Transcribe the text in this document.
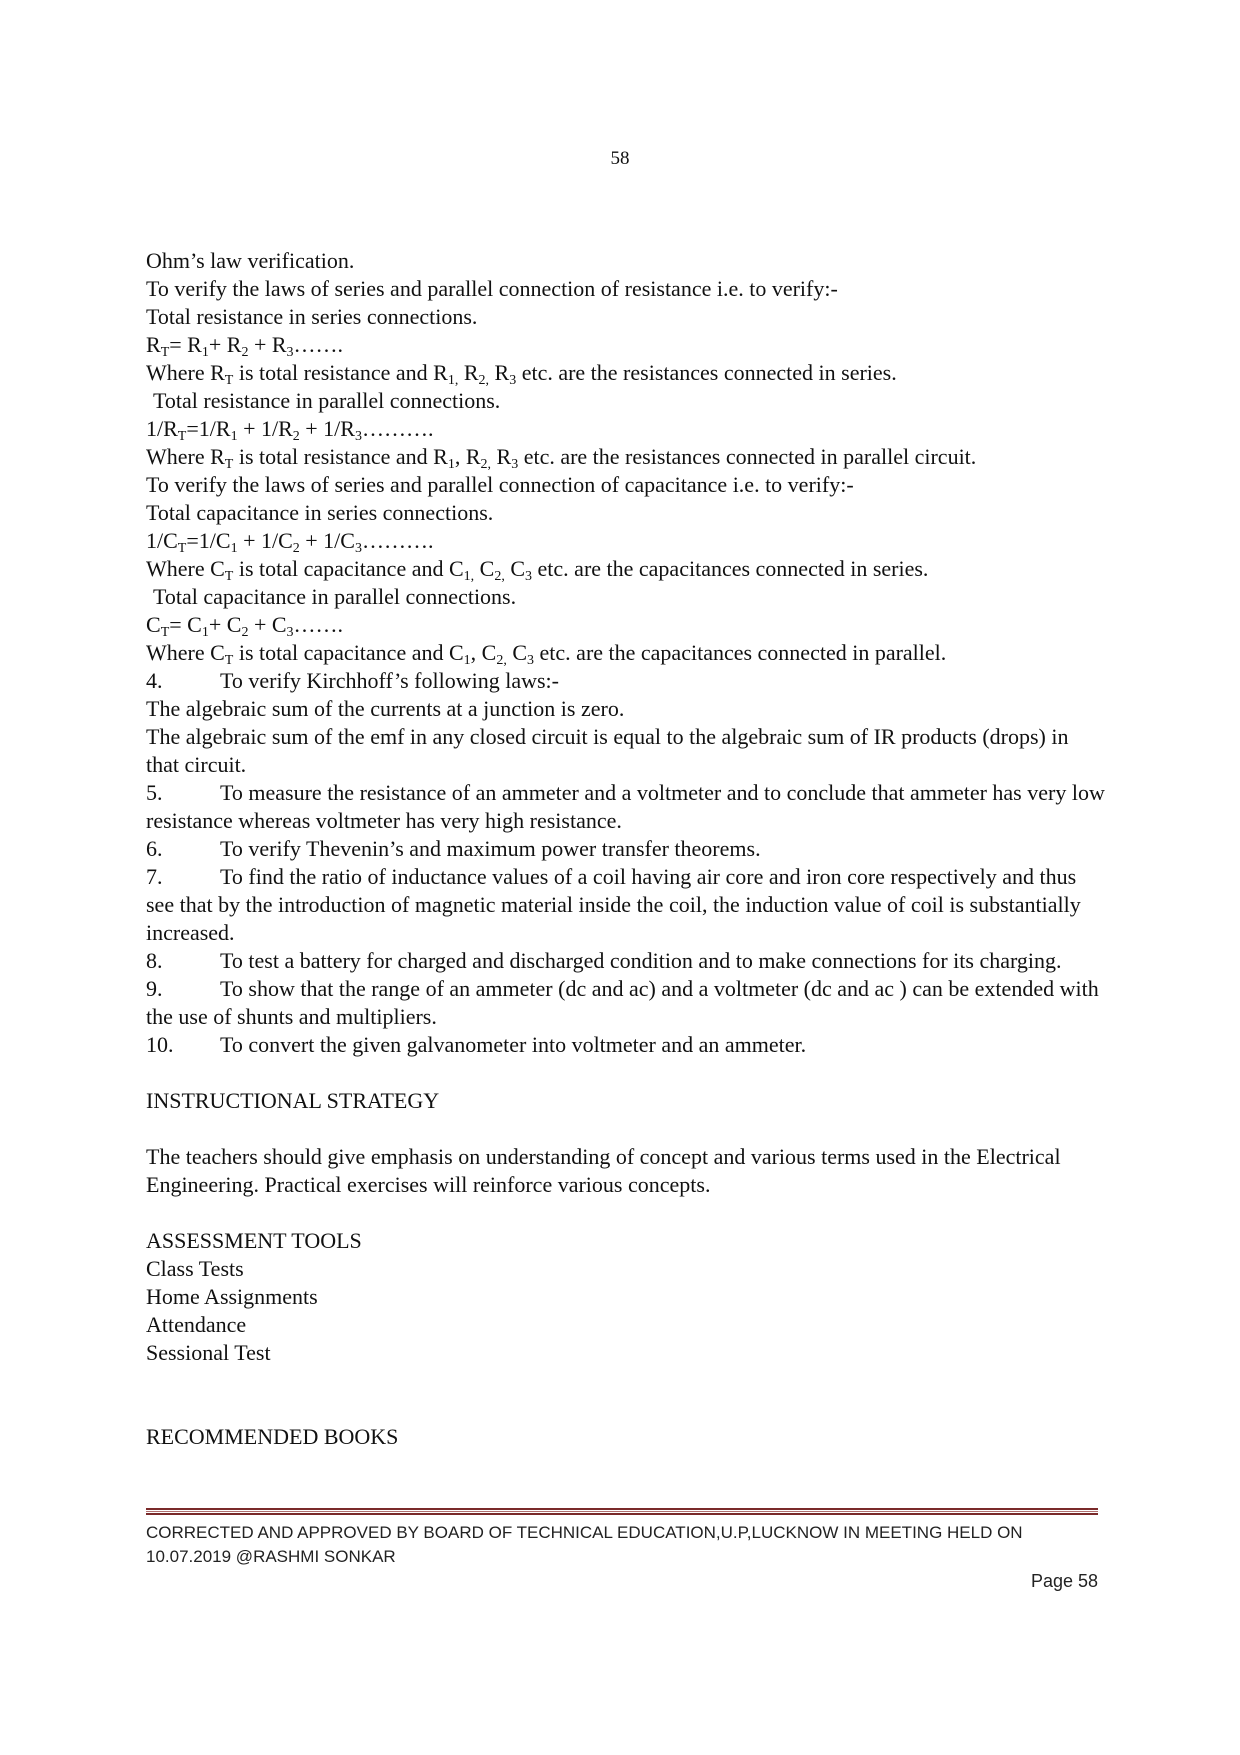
58

Ohm’s law verification.

To verify the laws of series and parallel connection of resistance i.e. to verify:-

Total resistance in series connections.

$R_T= R_1+ R_2$ + $R_3\dots\dots$.

Where $R_T$ is total resistance and $R_{1,}$ $R_{2,}$ $R_3$ etc. are the resistances connected in series.

Total resistance in parallel connections.

$1/R_T=1/R_1 + 1/R_2$ + $1/R_3\dots\dots\dots$.

Where $R_T$ is total resistance and $R_1$, $R_{2,}$ $R_3$ etc. are the resistances connected in parallel circuit.

To verify the laws of series and parallel connection of capacitance i.e. to verify:-

Total capacitance in series connections.

$1/C_T=1/C_1 + 1/C_2$ + $1/C_3\dots\dots\dots$.

Where $C_T$ is total capacitance and $C_{1,}$ $C_{2,}$ $C_3$ etc. are the capacitances connected in series.

Total capacitance in parallel connections.

$C_T= C_1+ C_2$ + $C_3\dots\dots$.

Where $C_T$ is total capacitance and $C_1$, $C_{2,}$ $C_3$ etc. are the capacitances connected in parallel.

4.	To verify Kirchhoff’s following laws:-

The algebraic sum of the currents at a junction is zero.

The algebraic sum of the emf in any closed circuit is equal to the algebraic sum of IR products (drops) in that circuit.

5.	To measure the resistance of an ammeter and a voltmeter and to conclude that ammeter has very low resistance whereas voltmeter has very high resistance.

6.	To verify Thevenin’s and maximum power transfer theorems.

7.	To find the ratio of inductance values of a coil having air core and iron core respectively and thus see that by the introduction of magnetic material inside the coil, the induction value of coil is substantially increased.

8.	To test a battery for charged and discharged condition and to make connections for its charging.

9.	To show that the range of an ammeter (dc and ac) and a voltmeter (dc and ac ) can be extended with the use of shunts and multipliers.

10. To convert the given galvanometer into voltmeter and an ammeter.

INSTRUCTIONAL STRATEGY

The teachers should give emphasis on understanding of concept and various terms used in the Electrical Engineering. Practical exercises will reinforce various concepts.

ASSESSMENT TOOLS

Class Tests

Home Assignments

Attendance

Sessional Test

RECOMMENDED BOOKS

CORRECTED AND APPROVED BY BOARD OF TECHNICAL EDUCATION,U.P,LUCKNOW IN MEETING HELD ON
10.07.2019 @RASHMI SONKAR
Page 58
